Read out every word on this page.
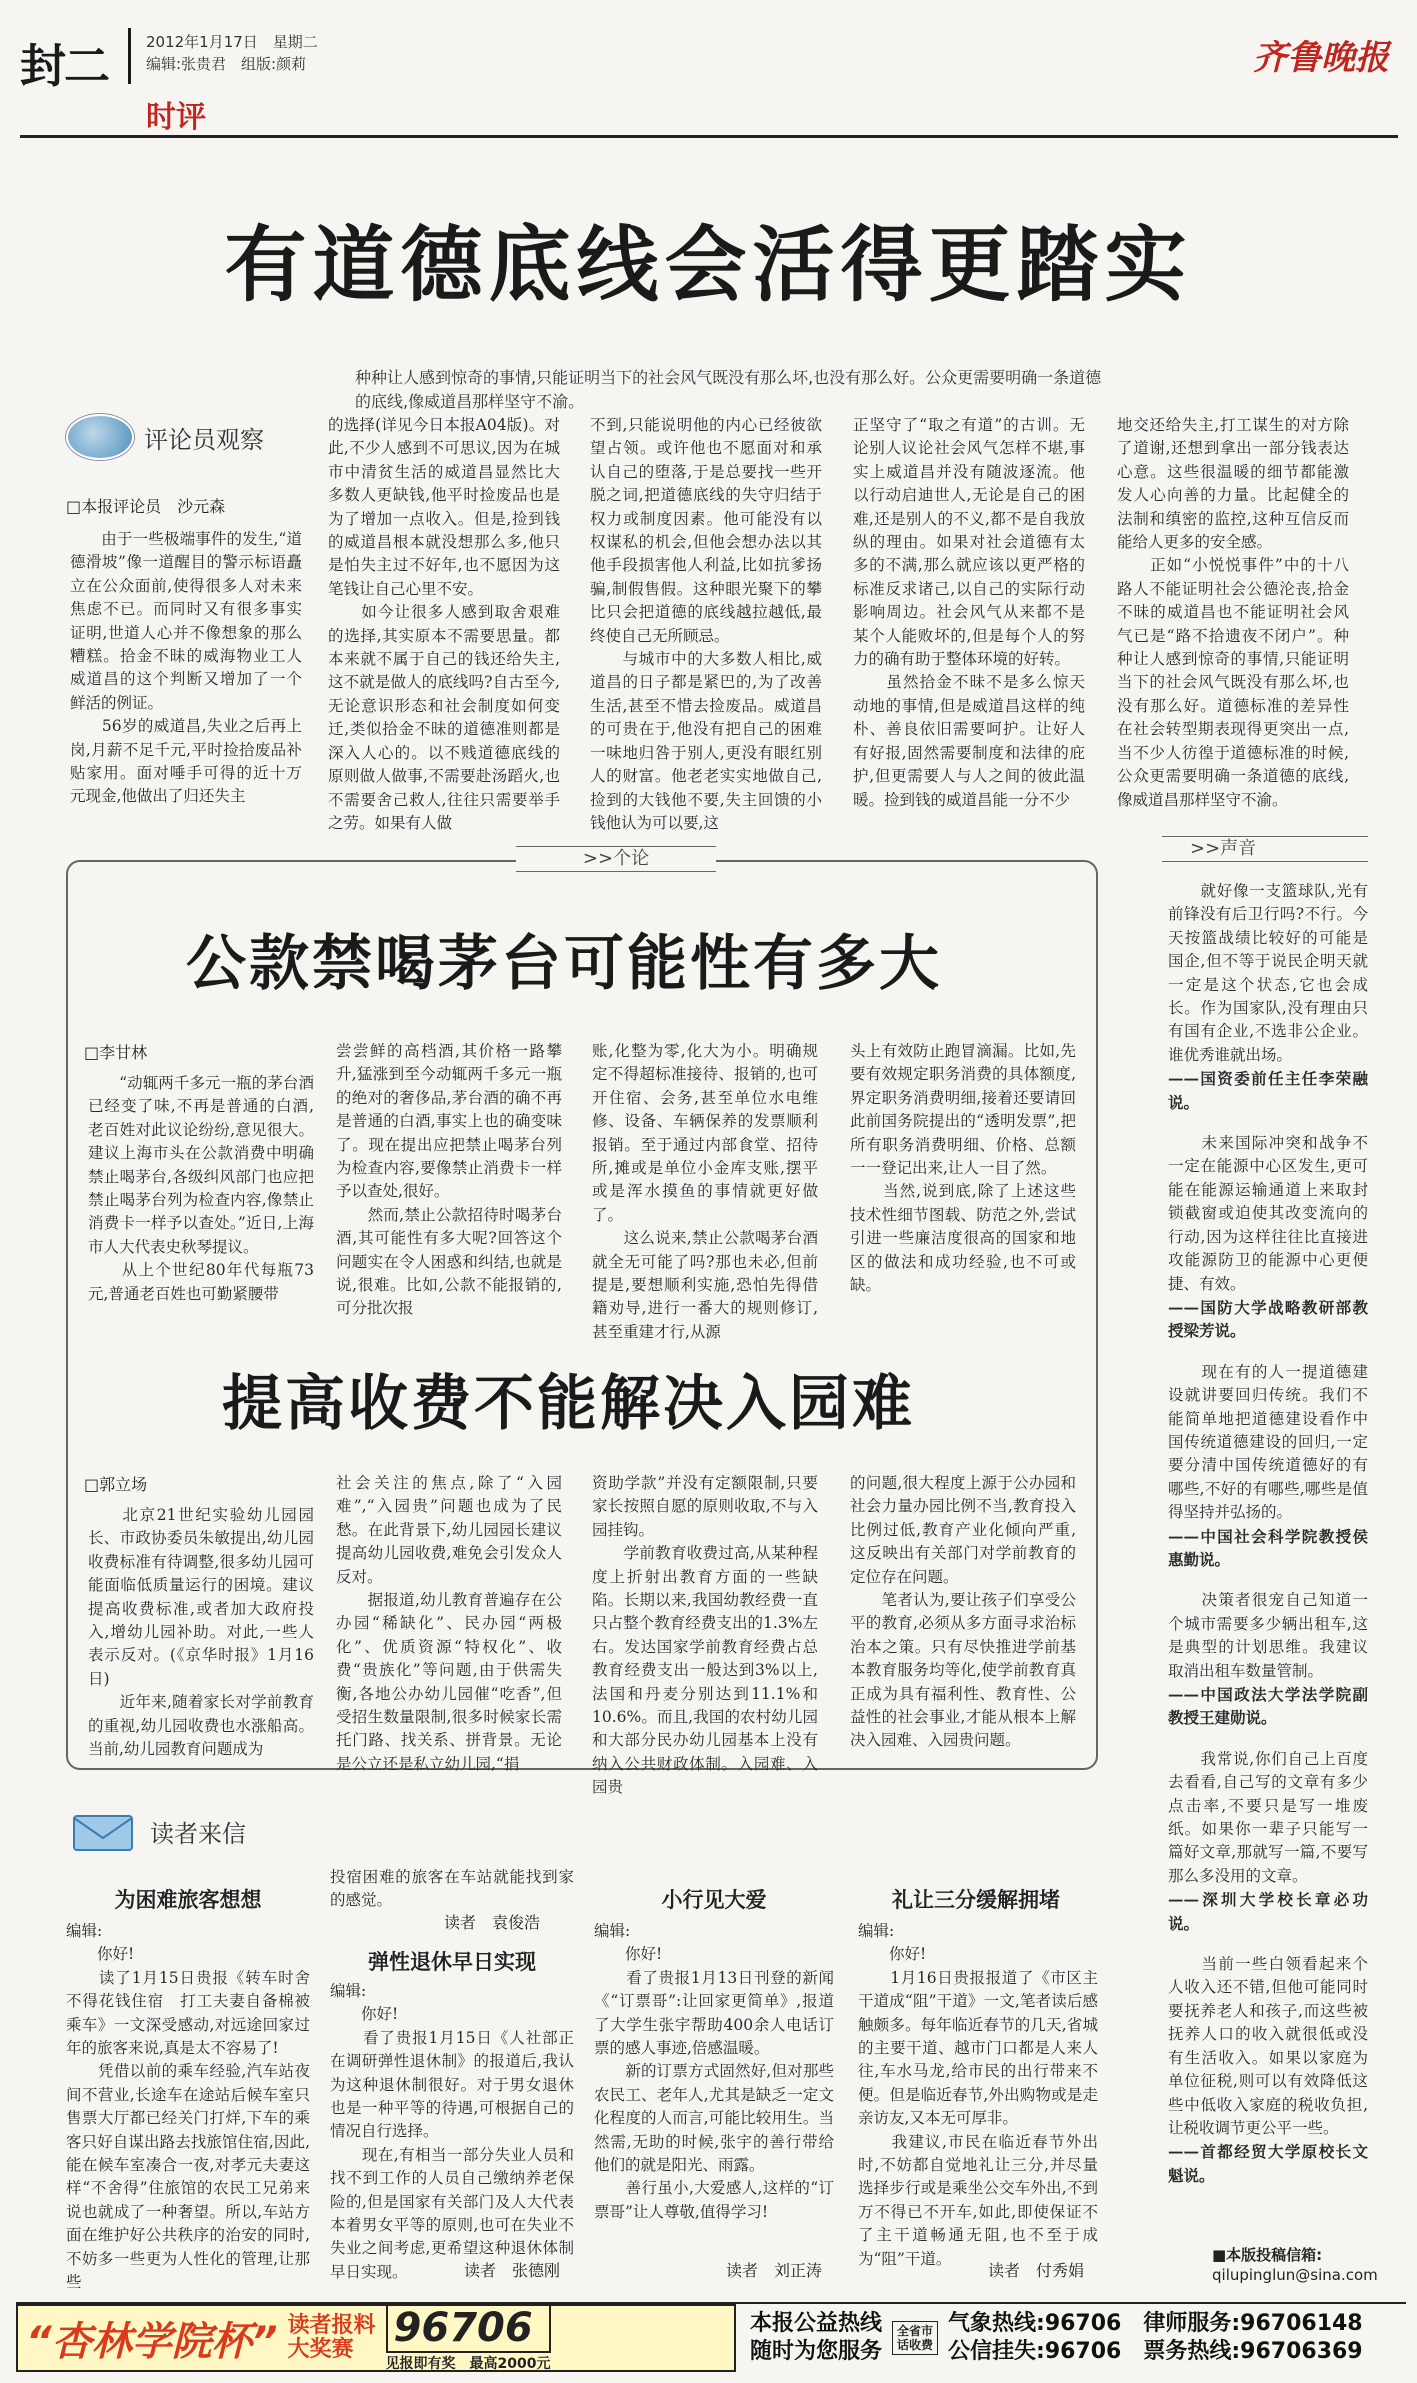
封二	2012年1月17日　星期二
编辑:张贵君　组版:颜莉
时评
齐鲁晚报
有道德底线会活得更踏实
种种让人感到惊奇的事情,只能证明当下的社会风气既没有那么坏,也没有那么好。公众更需要明确一条道德的底线,像威道昌那样坚守不渝。
评论员观察
□本报评论员　沙元森
　　由于一些极端事件的发生,“道德滑坡”像一道醒目的警示标语矗立在公众面前,使得很多人对未来焦虑不已。而同时又有很多事实证明,世道人心并不像想象的那么糟糕。拾金不昧的威海物业工人威道昌的这个判断又增加了一个鲜活的例证。
　　56岁的威道昌,失业之后再上岗,月薪不足千元,平时捡拾废品补贴家用。面对唾手可得的近十万元现金,他做出了归还失主
的选择(详见今日本报A04版)。对此,不少人感到不可思议,因为在城市中清贫生活的威道昌显然比大多数人更缺钱,他平时捡废品也是为了增加一点收入。但是,捡到钱的威道昌根本就没想那么多,他只是怕失主过不好年,也不愿因为这笔钱让自己心里不安。
　　如今让很多人感到取舍艰难的选择,其实原本不需要思量。都本来就不属于自己的钱还给失主,这不就是做人的底线吗?自古至今,无论意识形态和社会制度如何变迁,类似拾金不昧的道德准则都是深入人心的。以不贱道德底线的原则做人做事,不需要赴汤蹈火,也不需要舍己救人,往往只需要举手之劳。如果有人做
不到,只能说明他的内心已经彼欲望占领。或许他也不愿面对和承认自己的堕落,于是总要找一些开脱之词,把道德底线的失守归结于权力或制度因素。他可能没有以权谋私的机会,但他会想办法以其他手段损害他人利益,比如抗爹扬骗,制假售假。这种眼光聚下的攀比只会把道德的底线越拉越低,最终使自己无所顾忌。
　　与城市中的大多数人相比,威道昌的日子都是紧巴的,为了改善生活,甚至不惜去捡废品。威道昌的可贵在于,他没有把自己的困难一味地归咎于别人,更没有眼红别人的财富。他老老实实地做自己,捡到的大钱他不要,失主回馈的小钱他认为可以要,这
正坚守了“取之有道”的古训。无论别人议论社会风气怎样不堪,事实上威道昌并没有随波逐流。他以行动启迪世人,无论是自己的困难,还是别人的不义,都不是自我放纵的理由。如果对社会道德有太多的不满,那么就应该以更严格的标准反求诸己,以自己的实际行动影响周边。社会风气从来都不是某个人能败坏的,但是每个人的努力的确有助于整体环境的好转。
　　虽然拾金不昧不是多么惊天动地的事情,但是威道昌这样的纯朴、善良依旧需要呵护。让好人有好报,固然需要制度和法律的庇护,但更需要人与人之间的彼此温暖。捡到钱的威道昌能一分不少
地交还给失主,打工谋生的对方除了道谢,还想到拿出一部分钱表达心意。这些很温暖的细节都能激发人心向善的力量。比起健全的法制和缜密的监控,这种互信反而能给人更多的安全感。
　　正如“小悦悦事件”中的十八路人不能证明社会公德沦丧,拾金不昧的威道昌也不能证明社会风气已是“路不拾遗夜不闭户”。种种让人感到惊奇的事情,只能证明当下的社会风气既没有那么坏,也没有那么好。道德标准的差异性在社会转型期表现得更突出一点,当不少人彷徨于道德标准的时候,公众更需要明确一条道德的底线,像威道昌那样坚守不渝。
>>个论
公款禁喝茅台可能性有多大
□李甘林
　　“动辄两千多元一瓶的茅台酒已经变了味,不再是普通的白酒,老百姓对此议论纷纷,意见很大。建议上海市头在公款消费中明确禁止喝茅台,各级纠风部门也应把禁止喝茅台列为检查内容,像禁止消费卡一样予以查处。”近日,上海市人大代表史秋琴提议。
　　从上个世纪80年代每瓶73元,普通老百姓也可勤紧腰带
尝尝鲜的高档酒,其价格一路攀升,猛涨到至今动辄两千多元一瓶的绝对的奢侈品,茅台酒的确不再是普通的白酒,事实上也的确变味了。现在提出应把禁止喝茅台列为检查内容,要像禁止消费卡一样予以查处,很好。
　　然而,禁止公款招待时喝茅台酒,其可能性有多大呢?回答这个问题实在令人困惑和纠结,也就是说,很难。比如,公款不能报销的,可分批次报
账,化整为零,化大为小。明确规定不得超标准接待、报销的,也可开住宿、会务,甚至单位水电维修、设备、车辆保养的发票顺利报销。至于通过内部食堂、招待所,摊或是单位小金库支账,摆平或是浑水摸鱼的事情就更好做了。
　　这么说来,禁止公款喝茅台酒就全无可能了吗?那也未必,但前提是,要想顺利实施,恐怕先得借籍劝导,进行一番大的规则修订,甚至重建才行,从源
头上有效防止跑冒滴漏。比如,先要有效规定职务消费的具体额度,界定职务消费明细,接着还要请回此前国务院提出的“透明发票”,把所有职务消费明细、价格、总额一一登记出来,让人一目了然。
　　当然,说到底,除了上述这些技术性细节图载、防范之外,尝试引进一些廉洁度很高的国家和地区的做法和成功经验,也不可或缺。
提高收费不能解决入园难
□郭立场
　　北京21世纪实验幼儿园园长、市政协委员朱敏提出,幼儿园收费标准有待调整,很多幼儿园可能面临低质量运行的困境。建议提高收费标准,或者加大政府投入,增幼儿园补助。对此,一些人表示反对。(《京华时报》1月16日)
　　近年来,随着家长对学前教育的重视,幼儿园收费也水涨船高。当前,幼儿园教育问题成为
社会关注的焦点,除了“入园难”,“入园贵”问题也成为了民愁。在此背景下,幼儿园园长建议提高幼儿园收费,难免会引发众人反对。
　　据报道,幼儿教育普遍存在公办园“稀缺化”、民办园“两极化”、优质资源“特权化”、收费“贵族化”等问题,由于供需失衡,各地公办幼儿园催“吃香”,但受招生数量限制,很多时候家长需托门路、找关系、拼背景。无论是公立还是私立幼儿园,“捐
资助学款”并没有定额限制,只要家长按照自愿的原则收取,不与入园挂钩。
　　学前教育收费过高,从某种程度上折射出教育方面的一些缺陷。长期以来,我国幼教经费一直只占整个教育经费支出的1.3%左右。发达国家学前教育经费占总教育经费支出一般达到3%以上,法国和丹麦分别达到11.1%和10.6%。而且,我国的农村幼儿园和大部分民办幼儿园基本上没有纳入公共财政体制。入园难、入园贵
的问题,很大程度上源于公办园和社会力量办园比例不当,教育投入比例过低,教育产业化倾向严重,这反映出有关部门对学前教育的定位存在问题。
　　笔者认为,要让孩子们享受公平的教育,必须从多方面寻求治标治本之策。只有尽快推进学前基本教育服务均等化,使学前教育真正成为具有福利性、教育性、公益性的社会事业,才能从根本上解决入园难、入园贵问题。
>>声音
　　就好像一支篮球队,光有前锋没有后卫行吗?不行。今天按篮战绩比较好的可能是国企,但不等于说民企明天就一定是这个状态,它也会成长。作为国家队,没有理由只有国有企业,不选非公企业。谁优秀谁就出场。
——国资委前任主任李荣融说。
　　未来国际冲突和战争不一定在能源中心区发生,更可能在能源运输通道上来取封锁截窗或迫使其改变流向的行动,因为这样往往比直接进攻能源防卫的能源中心更便捷、有效。
——国防大学战略教研部教授梁芳说。
　　现在有的人一提道德建设就讲要回归传统。我们不能简单地把道德建设看作中国传统道德建设的回归,一定要分清中国传统道德好的有哪些,不好的有哪些,哪些是值得坚持并弘扬的。
——中国社会科学院教授侯惠勤说。
　　决策者很宠自己知道一个城市需要多少辆出租车,这是典型的计划思维。我建议取消出租车数量管制。
——中国政法大学法学院副教授王建勋说。
　　我常说,你们自己上百度去看看,自己写的文章有多少点击率,不要只是写一堆废纸。如果你一辈子只能写一篇好文章,那就写一篇,不要写那么多没用的文章。
——深圳大学校长章必功说。
　　当前一些白领看起来个人收入还不错,但他可能同时要抚养老人和孩子,而这些被抚养人口的收入就很低或没有生活收入。如果以家庭为单位征税,则可以有效降低这些中低收入家庭的税收负担,让税收调节更公平一些。
——首都经贸大学原校长文魁说。
■本版投稿信箱:
qilupinglun@sina.com
读者来信
为困难旅客想想
编辑:
　　你好!
　　读了1月15日贵报《转车时舍不得花钱住宿　打工夫妻自备棉被乘车》一文深受感动,对远途回家过年的旅客来说,真是太不容易了!
　　凭借以前的乘车经验,汽车站夜间不营业,长途车在途站后候车室只售票大厅都已经关门打烊,下车的乘客只好自谋出路去找旅馆住宿,因此,能在候车室凑合一夜,对孝元夫妻这样“不舍得”住旅馆的农民工兄弟来说也就成了一种奢望。所以,车站方面在维护好公共秩序的治安的同时,不妨多一些更为人性化的管理,让那些
投宿困难的旅客在车站就能找到家的感觉。
读者　袁俊浩
弹性退休早日实现
编辑:
　　你好!
　　看了贵报1月15日《人社部正在调研弹性退休制》的报道后,我认为这种退休制很好。对于男女退休也是一种平等的待遇,可根据自己的情况自行选择。
　　现在,有相当一部分失业人员和找不到工作的人员自己缴纳养老保险的,但是国家有关部门及人大代表本着男女平等的原则,也可在失业不失业之间考虑,更希望这种退休体制早日实现。	读者　张德刚
小行见大爱
编辑:
　　你好!
　　看了贵报1月13日刊登的新闻《“订票哥”:让回家更简单》,报道了大学生张宇帮助400余人电话订票的感人事迹,倍感温暖。
　　新的订票方式固然好,但对那些农民工、老年人,尤其是缺乏一定文化程度的人而言,可能比较用生。当然需,无助的时候,张宇的善行带给他们的就是阳光、雨露。
　　善行虽小,大爱感人,这样的“订票哥”让人尊敬,值得学习!
读者　刘正涛
礼让三分缓解拥堵
编辑:
　　你好!
　　1月16日贵报报道了《市区主干道成“阻”干道》一文,笔者读后感触颇多。每年临近春节的几天,省城的主要干道、越市门口都是人来人往,车水马龙,给市民的出行带来不便。但是临近春节,外出购物或是走亲访友,又本无可厚非。
　　我建议,市民在临近春节外出时,不妨都自觉地礼让三分,并尽量选择步行或是乘坐公交车外出,不到万不得已不开车,如此,即使保证不了主干道畅通无阻,也不至于成为“阻”干道。
读者　付秀娟
“杏林学院杯” 读者报料
大奖赛	96706
见报即有奖　最高2000元
本报公益热线
随时为您服务
全省市话收费
气象热线:96706　律师服务:96706148
公信挂失:96706　票务热线:96706369
